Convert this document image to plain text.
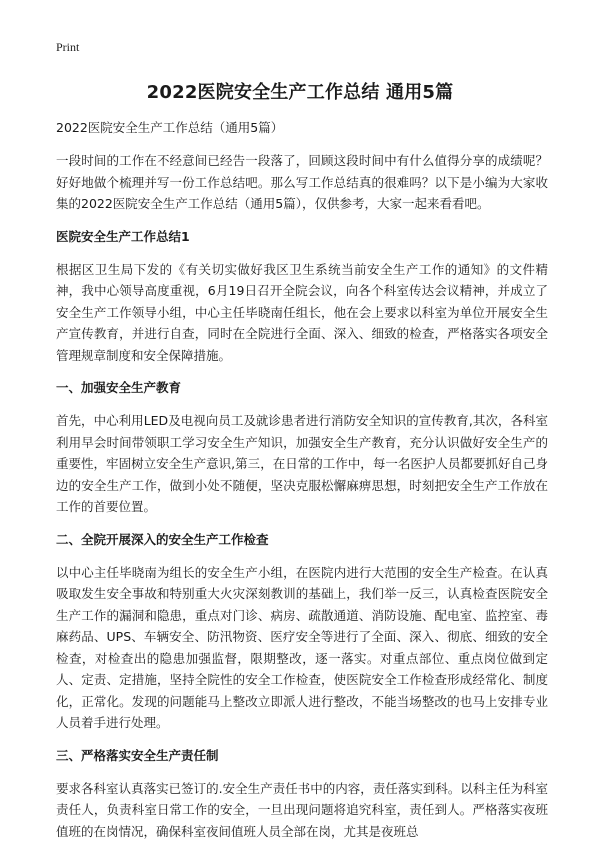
Print
2022医院安全生产工作总结 通用5篇

2022医院安全生产工作总结（通用5篇）

一段时间的工作在不经意间已经告一段落了，回顾这段时间中有什么值得分享的成绩呢？好好地做个梳理并写一份工作总结吧。那么写工作总结真的很难吗？以下是小编为大家收集的2022医院安全生产工作总结（通用5篇），仅供参考，大家一起来看看吧。

医院安全生产工作总结1

根据区卫生局下发的《有关切实做好我区卫生系统当前安全生产工作的通知》的文件精神，我中心领导高度重视，6月19日召开全院会议，向各个科室传达会议精神，并成立了安全生产工作领导小组，中心主任毕晓南任组长，他在会上要求以科室为单位开展安全生产宣传教育，并进行自查，同时在全院进行全面、深入、细致的检查，严格落实各项安全管理规章制度和安全保障措施。

一、加强安全生产教育

首先，中心利用LED及电视向员工及就诊患者进行消防安全知识的宣传教育,其次，各科室利用早会时间带领职工学习安全生产知识，加强安全生产教育，充分认识做好安全生产的重要性，牢固树立安全生产意识,第三，在日常的工作中，每一名医护人员都要抓好自己身边的安全生产工作，做到小处不随便，坚决克服松懈麻痹思想，时刻把安全生产工作放在工作的首要位置。

二、全院开展深入的安全生产工作检查

以中心主任毕晓南为组长的安全生产小组，在医院内进行大范围的安全生产检查。在认真吸取发生安全事故和特别重大火灾深刻教训的基础上，我们举一反三，认真检查医院安全生产工作的漏洞和隐患，重点对门诊、病房、疏散通道、消防设施、配电室、监控室、毒麻药品、UPS、车辆安全、防汛物资、医疗安全等进行了全面、深入、彻底、细致的安全检查，对检查出的隐患加强监督，限期整改，逐一落实。对重点部位、重点岗位做到定人、定责、定措施，坚持全院性的安全工作检查，使医院安全工作检查形成经常化、制度化，正常化。发现的问题能马上整改立即派人进行整改，不能当场整改的也马上安排专业人员着手进行处理。

三、严格落实安全生产责任制

要求各科室认真落实已签订的.安全生产责任书中的内容，责任落实到科。以科主任为科室责任人，负责科室日常工作的安全，一旦出现问题将追究科室，责任到人。严格落实夜班值班的在岗情况，确保科室夜间值班人员全部在岗，尤其是夜班总
